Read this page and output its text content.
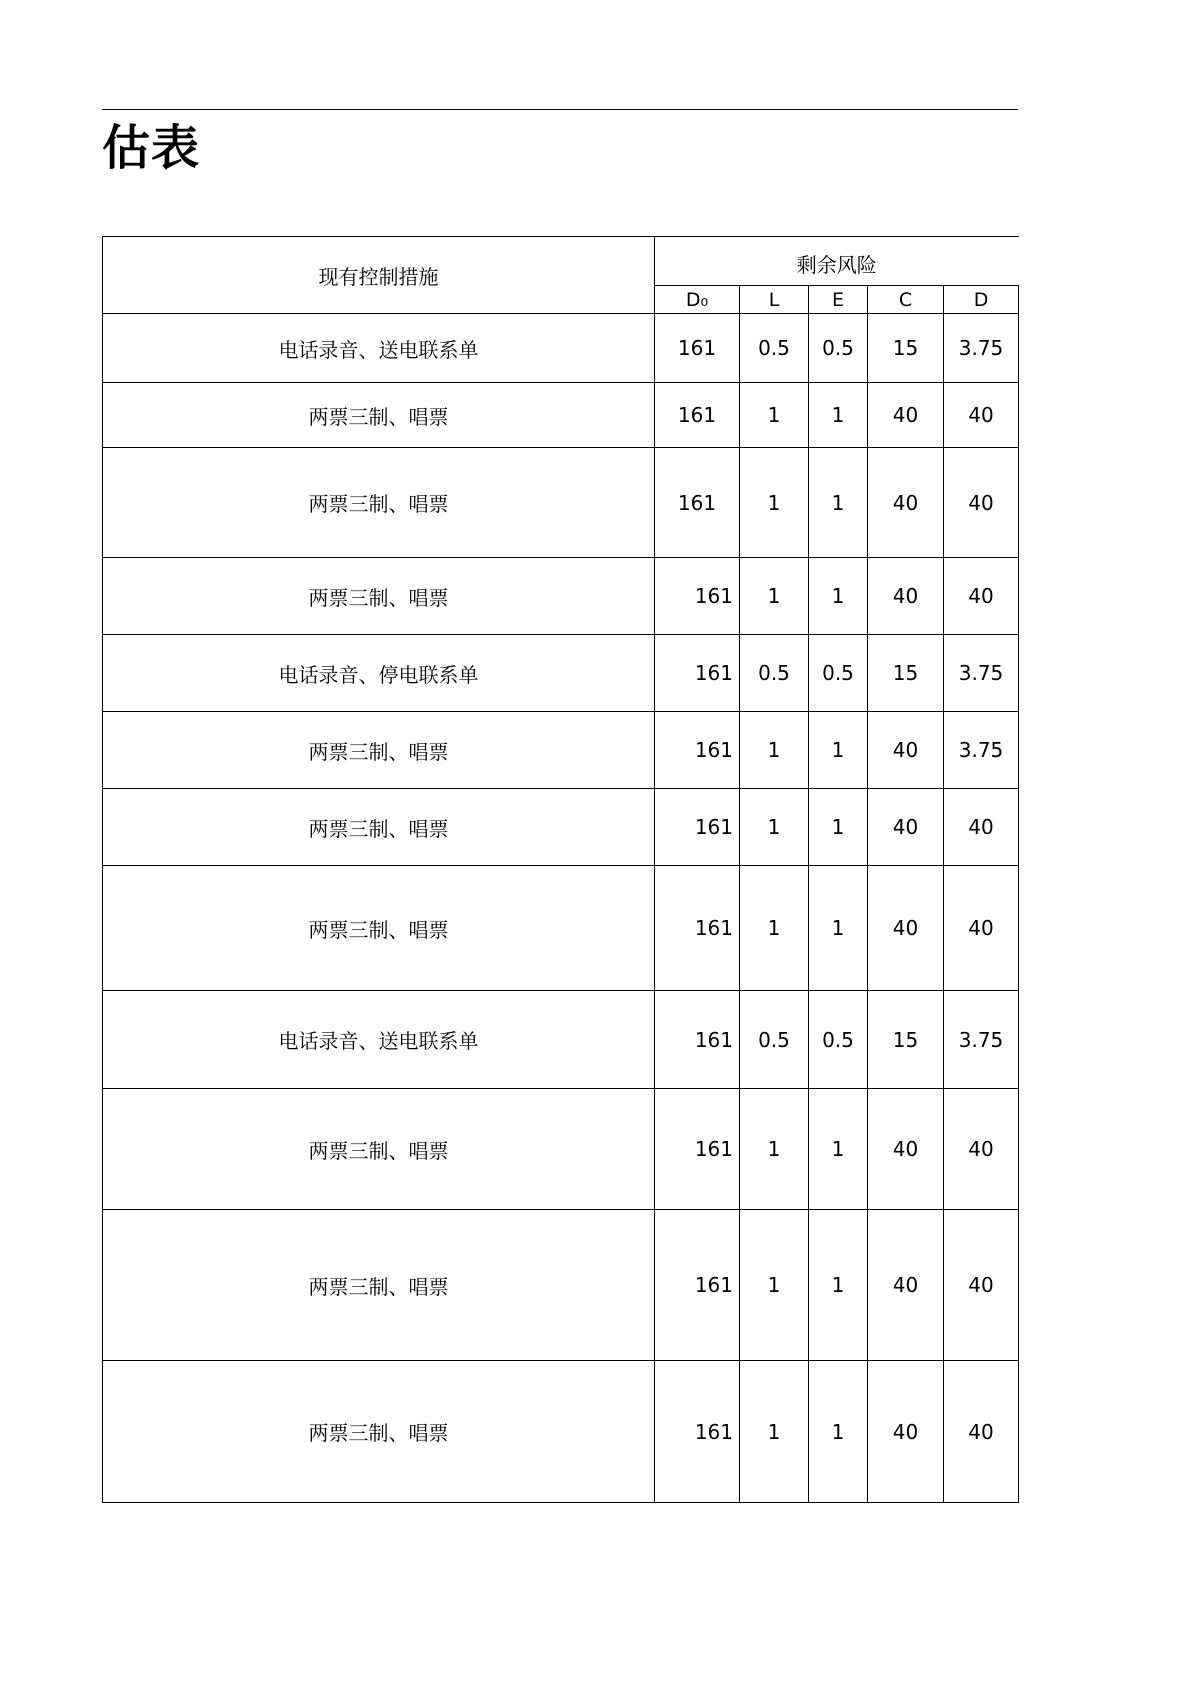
估表
现有控制措施	剩余风险				
	D₀	L	E	C	D
电话录音、送电联系单	161	0.5	0.5	15	3.75
两票三制、唱票	161	1	1	40	40
两票三制、唱票	161	1	1	40	40
两票三制、唱票	161	1	1	40	40
电话录音、停电联系单	161	0.5	0.5	15	3.75
两票三制、唱票	161	1	1	40	3.75
两票三制、唱票	161	1	1	40	40
两票三制、唱票	161	1	1	40	40
电话录音、送电联系单	161	0.5	0.5	15	3.75
两票三制、唱票	161	1	1	40	40
两票三制、唱票	161	1	1	40	40
两票三制、唱票	161	1	1	40	40
